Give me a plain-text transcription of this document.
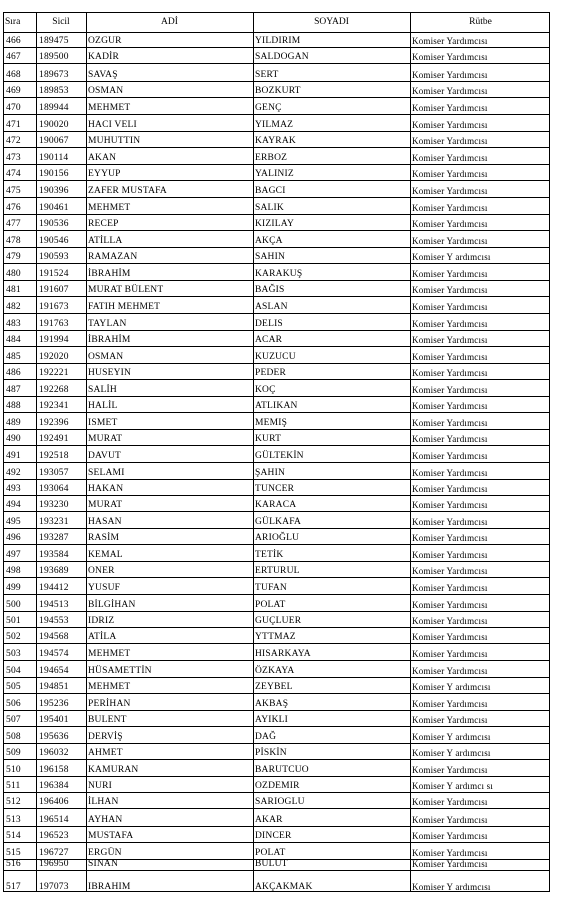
Sıra	Sicil	ADİ	SOYADI	Rütbe
466	189475	OZGUR	YILDIRIM	Komiser Yardımcısı
467	189500	KADİR	SALDOGAN	Komiser Yardımcısı
468	189673	SAVAŞ	SERT	Komiser Yardımcısı
469	189853	OSMAN	BOZKURT	Komiser Yardımcısı
470	189944	MEHMET	GENÇ	Komiser Yardımcısı
471	190020	HACI VELI	YILMAZ	Komiser Yardımcısı
472	190067	MUHUTTIN	KAYRAK	Komiser Yardımcısı
473	190114	AKAN	ERBOZ	Komiser Yardımcısı
474	190156	EYYUP	YALINIZ	Komiser Yardımcısı
475	190396	ZAFER MUSTAFA	BAGCI	Komiser Yardımcısı
476	190461	MEHMET	SALIK	Komiser Yardımcısı
477	190536	RECEP	KIZILAY	Komiser Yardımcısı
478	190546	ATİLLA	AKÇA	Komiser Yardımcısı
479	190593	RAMAZAN	SAHIN	Komiser Y ardımcısı
480	191524	İBRAHİM	KARAKUŞ	Komiser Yardımcısı
481	191607	MURAT BÜLENT	BAĞIS	Komiser Yardımcısı
482	191673	FATIH MEHMET	ASLAN	Komiser Yardımcısı
483	191763	TAYLAN	DELIS	Komiser Yardımcısı
484	191994	İBRAHİM	ACAR	Komiser Yardımcısı
485	192020	OSMAN	KUZUCU	Komiser Yardımcısı
486	192221	HUSEYIN	PEDER	Komiser Yardımcısı
487	192268	SALİH	KOÇ	Komiser Yardımcısı
488	192341	HALİL	ATLIKAN	Komiser Yardımcısı
489	192396	ISMET	MEMIŞ	Komiser Yardımcısı
490	192491	MURAT	KURT	Komiser Yardımcısı
491	192518	DAVUT	GÜLTEKİN	Komiser Yardımcısı
492	193057	SELAMI	ŞAHIN	Komiser Yardımcısı
493	193064	HAKAN	TUNCER	Komiser Yardımcısı
494	193230	MURAT	KARACA	Komiser Yardımcısı
495	193231	HASAN	GÜLKAFA	Komiser Yardımcısı
496	193287	RASİM	ARIOĞLU	Komiser Yardımcısı
497	193584	KEMAL	TETİK	Komiser Yardımcısı
498	193689	ONER	ERTURUL	Komiser Yardımcısı
499	194412	YUSUF	TUFAN	Komiser Yardımcısı
500	194513	BİLGİHAN	POLAT	Komiser Yardımcısı
501	194553	IDRIZ	GUÇLUER	Komiser Yardımcısı
502	194568	ATİLA	YTTMAZ	Komiser Yardımcısı
503	194574	MEHMET	HISARKAYA	Komiser Yardımcısı
504	194654	HÜSAMETTİN	ÖZKAYA	Komiser Yardımcısı
505	194851	MEHMET	ZEYBEL	Komiser Y ardımcısı
506	195236	PERİHAN	AKBAŞ	Komiser Yardımcısı
507	195401	BULENT	AYIKLI	Komiser Yardımcısı
508	195636	DERVİŞ	DAĞ	Komiser Y ardımcısı
509	196032	AHMET	PİSKİN	Komiser Y ardımcısı
510	196158	KAMURAN	BARUTCUO	Komiser Yardımcısı
511	196384	NURI	OZDEMIR	Komiser Y ardımcı sı
512	196406	İLHAN	SARIOGLU	Komiser Yardımcısı
513	196514	AYHAN	AKAR	Komiser Yardımcısı
514	196523	MUSTAFA	DINCER	Komiser Yardımcısı
515	196727	ERGÜN	POLAT	Komiser Yardımcısı
516	196950	SINAN	BULUT	Komiser Yardımcısı
517	197073	IBRAHIM	AKÇAKMAK	Komiser Y ardımcısı
